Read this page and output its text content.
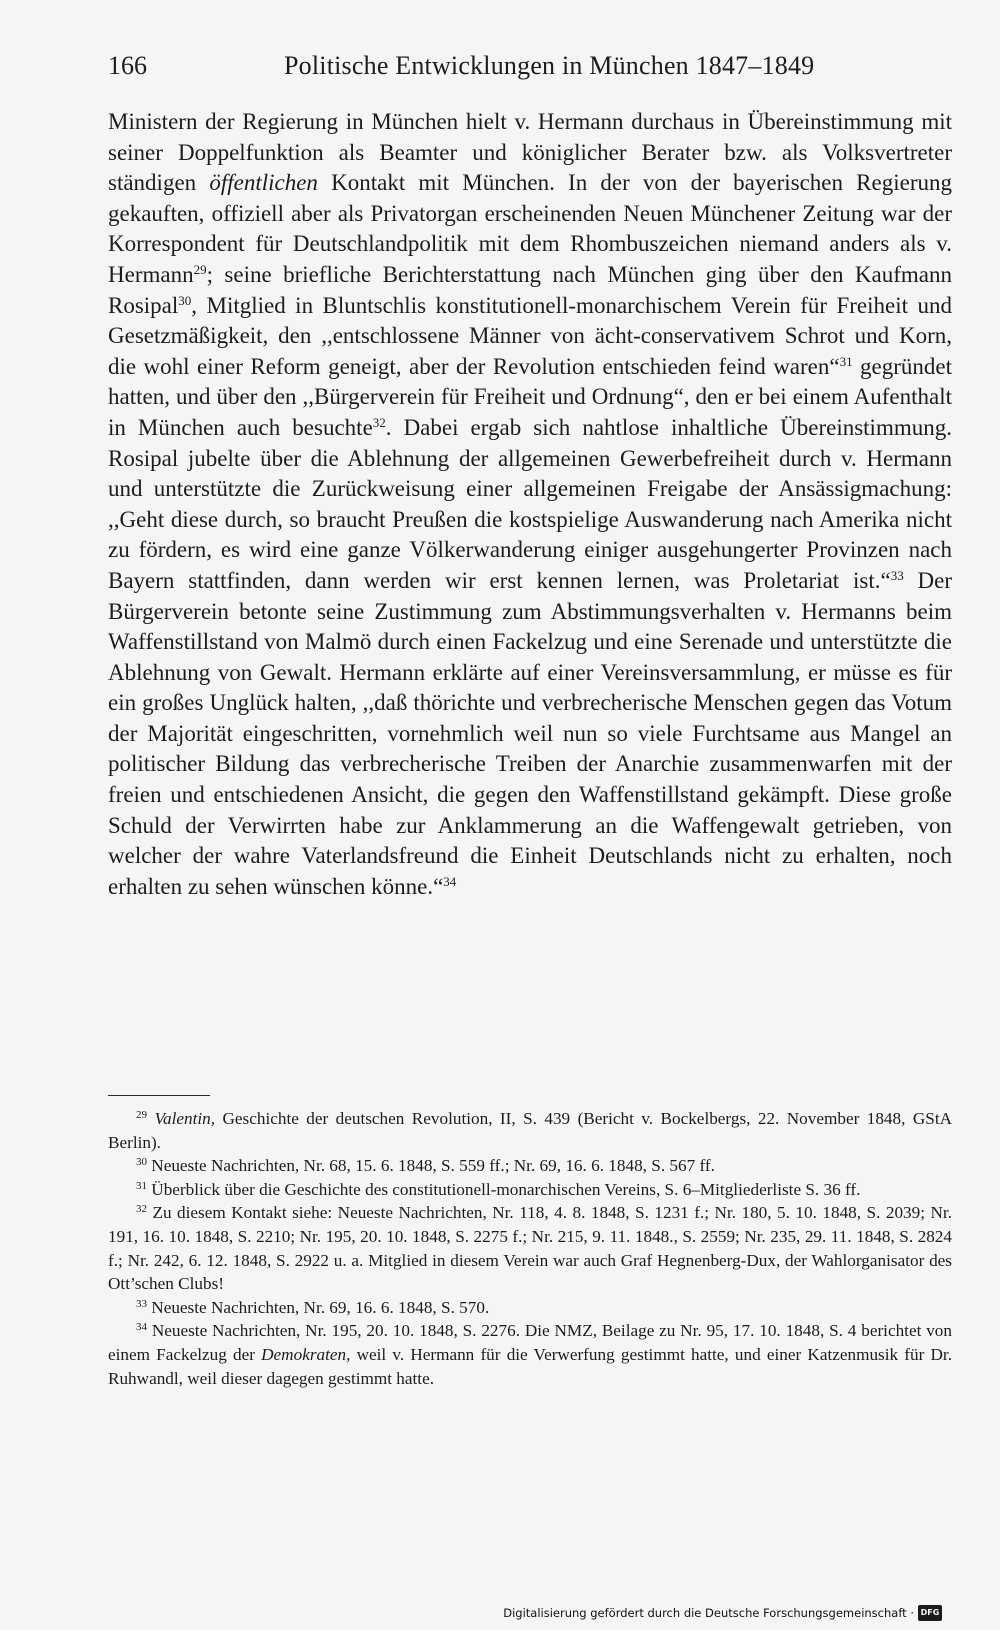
166	Politische Entwicklungen in München 1847–1849

Ministern der Regierung in München hielt v. Hermann durchaus in Übereinstimmung mit seiner Doppelfunktion als Beamter und königlicher Berater bzw. als Volksvertreter ständigen öffentlichen Kontakt mit München. In der von der bayerischen Regierung gekauften, offiziell aber als Privatorgan erscheinenden Neuen Münchener Zeitung war der Korrespondent für Deutschlandpolitik mit dem Rhombuszeichen niemand anders als v. Hermann$^{29}$; seine briefliche Berichterstattung nach München ging über den Kaufmann Rosipal$^{30}$, Mitglied in Bluntschlis konstitutionell-monarchischem Verein für Freiheit und Gesetzmäßigkeit, den ,,entschlossene Männer von ächt-conservativem Schrot und Korn, die wohl einer Reform geneigt, aber der Revolution entschieden feind waren“$^{31}$ gegründet hatten, und über den ,,Bürgerverein für Freiheit und Ordnung“, den er bei einem Aufenthalt in München auch besuchte$^{32}$. Dabei ergab sich nahtlose inhaltliche Übereinstimmung. Rosipal jubelte über die Ablehnung der allgemeinen Gewerbefreiheit durch v. Hermann und unterstützte die Zurückweisung einer allgemeinen Freigabe der Ansässigmachung: ,,Geht diese durch, so braucht Preußen die kostspielige Auswanderung nach Amerika nicht zu fördern, es wird eine ganze Völkerwanderung einiger ausgehungerter Provinzen nach Bayern stattfinden, dann werden wir erst kennen lernen, was Proletariat ist.“$^{33}$ Der Bürgerverein betonte seine Zustimmung zum Abstimmungsverhalten v. Hermanns beim Waffenstillstand von Malmö durch einen Fackelzug und eine Serenade und unterstützte die Ablehnung von Gewalt. Hermann erklärte auf einer Vereinsversammlung, er müsse es für ein großes Unglück halten, ,,daß thörichte und verbrecherische Menschen gegen das Votum der Majorität eingeschritten, vornehmlich weil nun so viele Furchtsame aus Mangel an politischer Bildung das verbrecherische Treiben der Anarchie zusammenwarfen mit der freien und entschiedenen Ansicht, die gegen den Waffenstillstand gekämpft. Diese große Schuld der Verwirrten habe zur Anklammerung an die Waffengewalt getrieben, von welcher der wahre Vaterlandsfreund die Einheit Deutschlands nicht zu erhalten, noch erhalten zu sehen wünschen könne.“$^{34}$

$^{29}$ Valentin, Geschichte der deutschen Revolution, II, S. 439 (Bericht v. Bockelbergs, 22. November 1848, GStA Berlin).

$^{30}$ Neueste Nachrichten, Nr. 68, 15. 6. 1848, S. 559 ff.; Nr. 69, 16. 6. 1848, S. 567 ff.

$^{31}$ Überblick über die Geschichte des constitutionell-monarchischen Vereins, S. 6–Mitgliederliste S. 36 ff.

$^{32}$ Zu diesem Kontakt siehe: Neueste Nachrichten, Nr. 118, 4. 8. 1848, S. 1231 f.; Nr. 180, 5. 10. 1848, S. 2039; Nr. 191, 16. 10. 1848, S. 2210; Nr. 195, 20. 10. 1848, S. 2275 f.; Nr. 215, 9. 11. 1848., S. 2559; Nr. 235, 29. 11. 1848, S. 2824 f.; Nr. 242, 6. 12. 1848, S. 2922 u. a. Mitglied in diesem Verein war auch Graf Hegnenberg-Dux, der Wahlorganisator des Ott’schen Clubs!

$^{33}$ Neueste Nachrichten, Nr. 69, 16. 6. 1848, S. 570.

$^{34}$ Neueste Nachrichten, Nr. 195, 20. 10. 1848, S. 2276. Die NMZ, Beilage zu Nr. 95, 17. 10. 1848, S. 4 berichtet von einem Fackelzug der Demokraten, weil v. Hermann für die Verwerfung gestimmt hatte, und einer Katzenmusik für Dr. Ruhwandl, weil dieser dagegen gestimmt hatte.

Digitalisierung gefördert durch die Deutsche Forschungsgemeinschaft · DFG
